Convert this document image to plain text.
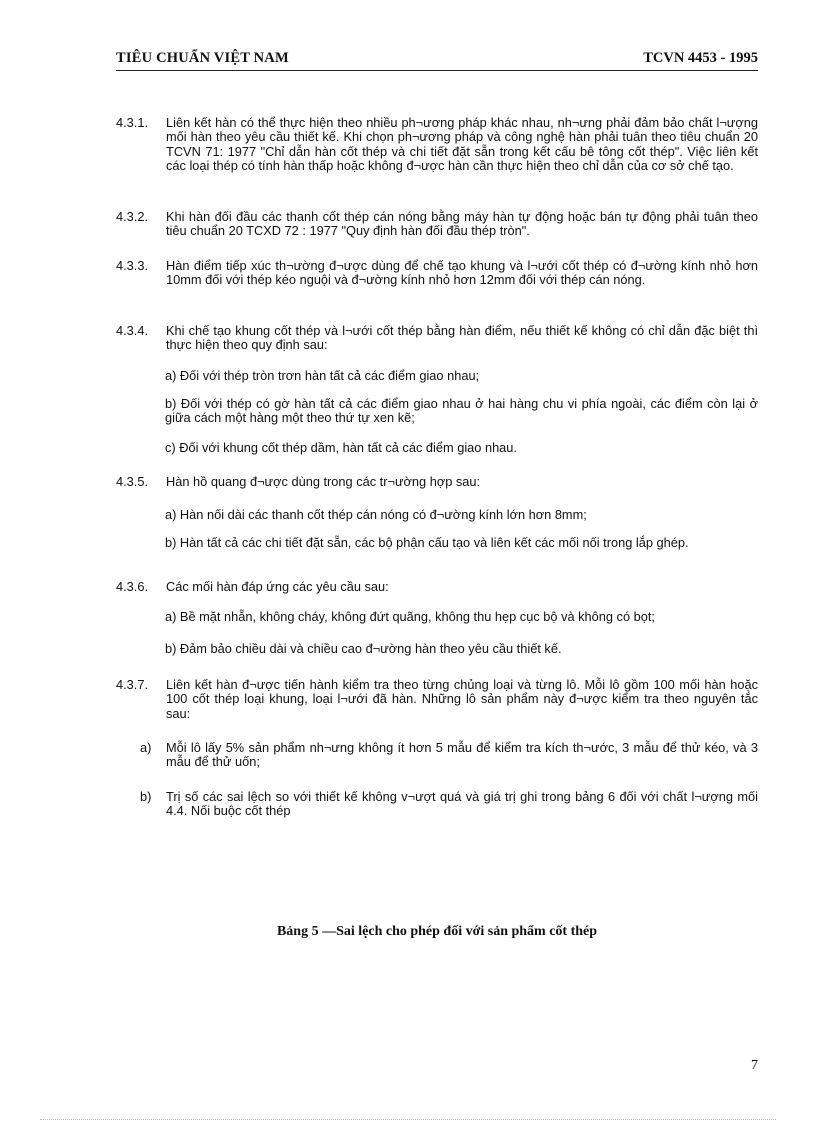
TIÊU CHUẨN VIỆT NAM	TCVN 4453 - 1995
4.3.1.	Liên kết hàn có thể thực hiện theo nhiều ph¬ương pháp khác nhau, nh¬ưng phải đảm bảo chất l¬ượng mối hàn theo yêu cầu thiết kế. Khi chọn ph¬ương pháp và công nghệ hàn phải tuân theo tiêu chuẩn 20 TCVN 71: 1977 "Chỉ dẫn hàn cốt thép và chi tiết đặt sẵn trong kết cấu bê tông cốt thép". Việc liên kết các loại thép có tính hàn thấp hoặc không đ¬ược hàn cần thực hiện theo chỉ dẫn của cơ sở chế tạo.
4.3.2.	Khi hàn đối đầu các thanh cốt thép cán nóng bằng máy hàn tự động hoặc bán tự động phải tuân theo tiêu chuẩn 20 TCXD 72 : 1977 "Quy định hàn đối đầu thép tròn".
4.3.3.	Hàn điểm tiếp xúc th¬ường đ¬ược dùng để chế tạo khung và l¬ưới cốt thép có đ¬ường kính nhỏ hơn 10mm đối với thép kéo nguội và đ¬ường kính nhỏ hơn 12mm đối với thép cán nóng.
4.3.4.	Khi chế tạo khung cốt thép và l¬ưới cốt thép bằng hàn điểm, nếu thiết kế không có chỉ dẫn đặc biệt thì thực hiện theo quy định sau:
a) Đối với thép tròn trơn hàn tất cả các điểm giao nhau;
b) Đối với thép có gờ hàn tất cả các điểm giao nhau ở hai hàng chu vi phía ngoài, các điểm còn lại ở giữa cách một hàng một theo thứ tự xen kẽ;
c) Đối với khung cốt thép dầm, hàn tất cả các điểm giao nhau.
4.3.5.	Hàn hồ quang đ¬ược dùng trong các tr¬ường hợp sau:
a) Hàn nối dài các thanh cốt thép cán nóng có đ¬ường kính lớn hơn 8mm;
b) Hàn tất cả các chi tiết đặt sẵn, các bộ phận cấu tạo và liên kết các mối nối trong lắp ghép.
4.3.6.	Các mối hàn đáp ứng các yêu cầu sau:
a) Bề mặt nhẵn, không cháy, không đứt quãng, không thu hẹp cục bộ và không có bọt;
b) Đảm bảo chiều dài và chiều cao đ¬ường hàn theo yêu cầu thiết kế.
4.3.7.	Liên kết hàn đ¬ược tiến hành kiểm tra theo từng chủng loại và từng lô. Mỗi lô gồm 100 mối hàn hoặc 100 cốt thép loại khung, loại l¬ưới đã hàn. Những lô sản phẩm này đ¬ược kiểm tra theo nguyên tắc sau:
a) Mỗi lô lấy 5% sản phẩm nh¬ưng không ít hơn 5 mẫu để kiểm tra kích th¬ước, 3 mẫu để thử kéo, và 3 mẫu để thử uốn;
b) Trị số các sai lệch so với thiết kế không v¬ượt quá và giá trị ghi trong bảng 6 đối với chất l¬ượng mối 4.4. Nối buộc cốt thép
Bảng 5 —Sai lệch cho phép đối với sản phẩm cốt thép
7
